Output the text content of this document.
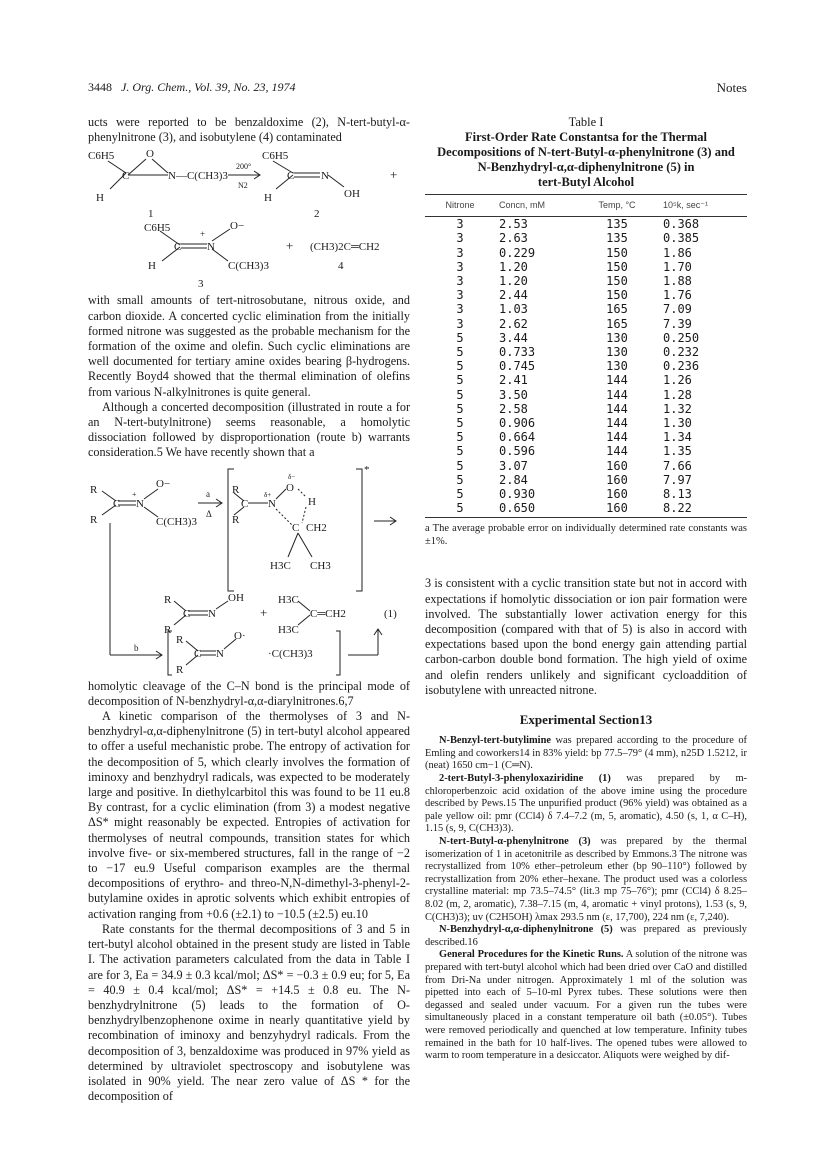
3448 J. Org. Chem., Vol. 39, No. 23, 1974	Notes

ucts were reported to be benzaldoxime (2), N-tert-butyl-α-phenylnitrone (3), and isobutylene (4) contaminated

C6H5	O
H
C	N—C(CH3)3
200°
N2
C6H5
H
C N
OH
+
1	2
C6H5	O−
+
H
C N
C(CH3)3
+ (CH3)2C═CH2
3
4

with small amounts of tert-nitrosobutane, nitrous oxide, and carbon dioxide. A concerted cyclic elimination from the initially formed nitrone was suggested as the probable mechanism for the formation of the oxime and olefin. Such cyclic eliminations are well documented for tertiary amine oxides bearing β-hydrogens. Recently Boyd4 showed that the thermal elimination of olefins from various N-alkylnitrones is quite general.

Although a concerted decomposition (illustrated in route a for an N-tert-butylnitrone) seems reasonable, a homolytic dissociation followed by disproportionation (route b) warrants consideration.5 We have recently shown that a

R
R
C N
+
O−
C(CH3)3
a
Δ
*
R
R
C N
δ+
δ−
O
H
C CH2
H3C CH3
R
R
C N
OH
+
H3C
H3C
C═CH2	(1)
b
R
R
C N
O·
·C(CH3)3

homolytic cleavage of the C–N bond is the principal mode of decomposition of N-benzhydryl-α,α-diarylnitrones.6,7

A kinetic comparison of the thermolyses of 3 and N-benzhydryl-α,α-diphenylnitrone (5) in tert-butyl alcohol appeared to offer a useful mechanistic probe. The entropy of activation for the decomposition of 5, which clearly involves the formation of iminoxy and benzhydryl radicals, was expected to be moderately large and positive. In diethylcarbitol this was found to be 11 eu.8 By contrast, for a cyclic elimination (from 3) a modest negative ΔS* might reasonably be expected. Entropies of activation for thermolyses of neutral compounds, transition states for which involve five- or six-membered structures, fall in the range of −2 to −17 eu.9 Useful comparison examples are the thermal decompositions of erythro- and threo-N,N-dimethyl-3-phenyl-2-butylamine oxides in aprotic solvents which exhibit entropies of activation ranging from +0.6 (±2.1) to −10.5 (±2.5) eu.10

Rate constants for the thermal decompositions of 3 and 5 in tert-butyl alcohol obtained in the present study are listed in Table I. The activation parameters calculated from the data in Table I are for 3, Ea = 34.9 ± 0.3 kcal/mol; ΔS* = −0.3 ± 0.9 eu; for 5, Ea = 40.9 ± 0.4 kcal/mol; ΔS* = +14.5 ± 0.8 eu. The N-benzhydrylnitrone (5) leads to the formation of O-benzhydrylbenzophenone oxime in nearly quantitative yield by recombination of iminoxy and benzyhydryl radicals. From the decomposition of 3, benzaldoxime was produced in 97% yield as determined by ultraviolet spectroscopy and isobutylene was isolated in 90% yield. The near zero value of ΔS * for the decomposition of

Table I
First-Order Rate Constantsa for the Thermal
Decompositions of N-tert-Butyl-α-phenylnitrone (3) and
N-Benzhydryl-α,α-diphenylnitrone (5) in
tert-Butyl Alcohol
Nitrone	Concn, mM	Temp, °C	10⁵k, sec⁻¹
3	2.53	135	0.368
3	2.63	135	0.385
3	0.229	150	1.86
3	1.20	150	1.70
3	1.20	150	1.88
3	2.44	150	1.76
3	1.03	165	7.09
3	2.62	165	7.39
5	3.44	130	0.250
5	0.733	130	0.232
5	0.745	130	0.236
5	2.41	144	1.26
5	3.50	144	1.28
5	2.58	144	1.32
5	0.906	144	1.30
5	0.664	144	1.34
5	0.596	144	1.35
5	3.07	160	7.66
5	2.84	160	7.97
5	0.930	160	8.13
5	0.650	160	8.22
a The average probable error on individually determined rate constants was ±1%.

3 is consistent with a cyclic transition state but not in accord with expectations if homolytic dissociation or ion pair formation were involved. The substantially lower activation energy for this decomposition (compared with that of 5) is also in accord with expectations based upon the bond energy gain attending partial carbon-carbon double bond formation. The high yield of oxime and olefin renders unlikely and significant cycloaddition of isobutylene with unreacted nitrone.

Experimental Section13

N-Benzyl-tert-butylimine was prepared according to the procedure of Emling and coworkers14 in 83% yield: bp 77.5–79° (4 mm), n25D 1.5212, ir (neat) 1650 cm−1 (C═N).

2-tert-Butyl-3-phenyloxaziridine (1) was prepared by m-chloroperbenzoic acid oxidation of the above imine using the procedure described by Pews.15 The unpurified product (96% yield) was obtained as a pale yellow oil: pmr (CCl4) δ 7.4–7.2 (m, 5, aromatic), 4.50 (s, 1, α C–H), 1.15 (s, 9, C(CH3)3).

N-tert-Butyl-α-phenylnitrone (3) was prepared by the thermal isomerization of 1 in acetonitrile as described by Emmons.3 The nitrone was recrystallized from 10% ether–petroleum ether (bp 90–110°) followed by recrystallization from 20% ether–hexane. The product used was a colorless crystalline material: mp 73.5–74.5° (lit.3 mp 75–76°); pmr (CCl4) δ 8.25–8.02 (m, 2, aromatic), 7.38–7.15 (m, 4, aromatic + vinyl protons), 1.53 (s, 9, C(CH3)3); uv (C2H5OH) λmax 293.5 nm (ε, 17,700), 224 nm (ε, 7,240).

N-Benzhydryl-α,α-diphenylnitrone (5) was prepared as previously described.16

General Procedures for the Kinetic Runs. A solution of the nitrone was prepared with tert-butyl alcohol which had been dried over CaO and distilled from Dri-Na under nitrogen. Approximately 1 ml of the solution was pipetted into each of 5–10-ml Pyrex tubes. These solutions were then degassed and sealed under vacuum. For a given run the tubes were simultaneously placed in a constant temperature oil bath (±0.05°). Tubes were removed periodically and quenched at low temperature. Infinity tubes remained in the bath for 10 half-lives. The opened tubes were allowed to warm to room temperature in a desiccator. Aliquots were weighed by dif-
